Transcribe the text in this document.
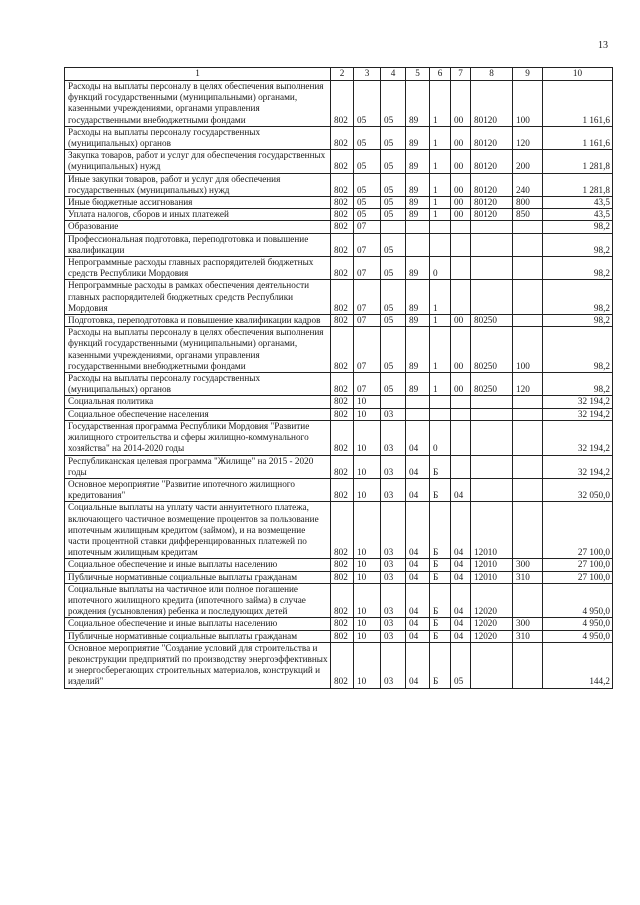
13
1	2	3	4	5	6	7	8	9	10
Расходы на выплаты персоналу в целях обеспечения выполнения функций государственными (муниципальными) органами, казенными учреждениями, органами управления государственными внебюджетными фондами	802	05	05	89	1	00	80120	100	1 161,6
Расходы на выплаты персоналу государственных (муниципальных) органов	802	05	05	89	1	00	80120	120	1 161,6
Закупка товаров, работ и услуг для обеспечения государственных (муниципальных) нужд	802	05	05	89	1	00	80120	200	1 281,8
Иные закупки товаров, работ и услуг для обеспечения государственных (муниципальных) нужд	802	05	05	89	1	00	80120	240	1 281,8
Иные бюджетные ассигнования	802	05	05	89	1	00	80120	800	43,5
Уплата налогов, сборов и иных платежей	802	05	05	89	1	00	80120	850	43,5
Образование	802	07							98,2
Профессиональная подготовка, переподготовка и повышение квалификации	802	07	05						98,2
Непрограммные расходы главных распорядителей бюджетных средств Республики Мордовия	802	07	05	89	0				98,2
Непрограммные расходы в рамках обеспечения деятельности главных распорядителей бюджетных средств Республики Мордовия	802	07	05	89	1				98,2
Подготовка, переподготовка и повышение квалификации кадров	802	07	05	89	1	00	80250		98,2
Расходы на выплаты персоналу в целях обеспечения выполнения функций государственными (муниципальными) органами, казенными учреждениями, органами управления государственными внебюджетными фондами	802	07	05	89	1	00	80250	100	98,2
Расходы на выплаты персоналу государственных (муниципальных) органов	802	07	05	89	1	00	80250	120	98,2
Социальная политика	802	10							32 194,2
Социальное обеспечение населения	802	10	03						32 194,2
Государственная программа Республики Мордовия "Развитие жилищного строительства и сферы жилищно-коммунального хозяйства" на 2014-2020 годы	802	10	03	04	0				32 194,2
Республиканская целевая программа "Жилище" на 2015 - 2020 годы	802	10	03	04	Б				32 194,2
Основное мероприятие "Развитие ипотечного жилищного кредитования"	802	10	03	04	Б	04			32 050,0
Социальные выплаты на уплату части аннуитетного платежа, включающего частичное возмещение процентов за пользование ипотечным жилищным кредитом (займом), и на возмещение части процентной ставки дифференцированных платежей по ипотечным жилищным кредитам	802	10	03	04	Б	04	12010		27 100,0
Социальное обеспечение и иные выплаты населению	802	10	03	04	Б	04	12010	300	27 100,0
Публичные нормативные социальные выплаты гражданам	802	10	03	04	Б	04	12010	310	27 100,0
Социальные выплаты на частичное или полное погашение ипотечного жилищного кредита (ипотечного займа) в случае рождения (усыновления) ребенка и последующих детей	802	10	03	04	Б	04	12020		4 950,0
Социальное обеспечение и иные выплаты населению	802	10	03	04	Б	04	12020	300	4 950,0
Публичные нормативные социальные выплаты гражданам	802	10	03	04	Б	04	12020	310	4 950,0
Основное мероприятие "Создание условий для строительства и реконструкции предприятий по производству энергоэффективных и энергосберегающих строительных материалов, конструкций и изделий"	802	10	03	04	Б	05			144,2
